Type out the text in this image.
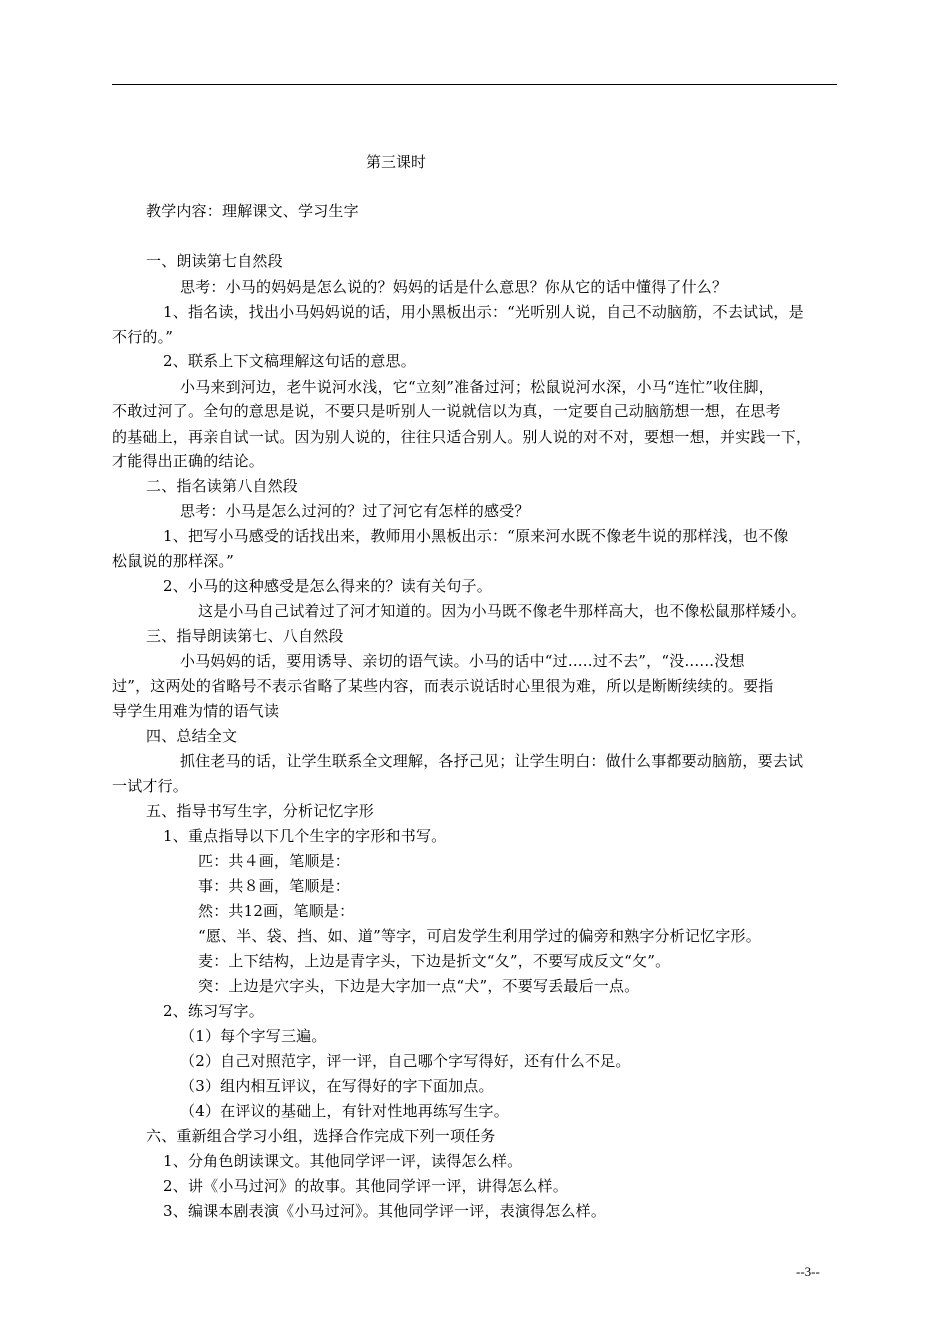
第三课时
教学内容：理解课文、学习生字
一、朗读第七自然段
思考：小马的妈妈是怎么说的？妈妈的话是什么意思？你从它的话中懂得了什么？
1、指名读，找出小马妈妈说的话，用小黑板出示：“光听别人说，自己不动脑筋，不去试试，是
不行的。”
2、联系上下文稿理解这句话的意思。
小马来到河边，老牛说河水浅，它“立刻”准备过河；松鼠说河水深，小马“连忙”收住脚，
不敢过河了。全句的意思是说，不要只是听别人一说就信以为真，一定要自己动脑筋想一想，在思考
的基础上，再亲自试一试。因为别人说的，往往只适合别人。别人说的对不对，要想一想，并实践一下，
才能得出正确的结论。
二、指名读第八自然段
思考：小马是怎么过河的？过了河它有怎样的感受？
1、把写小马感受的话找出来，教师用小黑板出示：“原来河水既不像老牛说的那样浅，也不像
松鼠说的那样深。”
2、小马的这种感受是怎么得来的？读有关句子。
这是小马自己试着过了河才知道的。因为小马既不像老牛那样高大，也不像松鼠那样矮小。
三、指导朗读第七、八自然段
小马妈妈的话，要用诱导、亲切的语气读。小马的话中“过.....过不去”，“没......没想
过”，这两处的省略号不表示省略了某些内容，而表示说话时心里很为难，所以是断断续续的。要指
导学生用难为情的语气读
四、总结全文
抓住老马的话，让学生联系全文理解，各抒己见；让学生明白：做什么事都要动脑筋，要去试
一试才行。
五、指导书写生字，分析记忆字形
1、重点指导以下几个生字的字形和书写。
匹：共４画，笔顺是：
事：共８画，笔顺是：
然：共12画，笔顺是：
“愿、半、袋、挡、如、道”等字，可启发学生利用学过的偏旁和熟字分析记忆字形。
麦：上下结构，上边是青字头，下边是折文“夂”，不要写成反文“攵”。
突：上边是穴字头，下边是大字加一点“犬”，不要写丢最后一点。
2、练习写字。
（1）每个字写三遍。
（2）自己对照范字，评一评，自己哪个字写得好，还有什么不足。
（3）组内相互评议，在写得好的字下面加点。
（4）在评议的基础上，有针对性地再练写生字。
六、重新组合学习小组，选择合作完成下列一项任务
1、分角色朗读课文。其他同学评一评，读得怎么样。
2、讲《小马过河》的故事。其他同学评一评，讲得怎么样。
3、编课本剧表演《小马过河》。其他同学评一评，表演得怎么样。
--3--
